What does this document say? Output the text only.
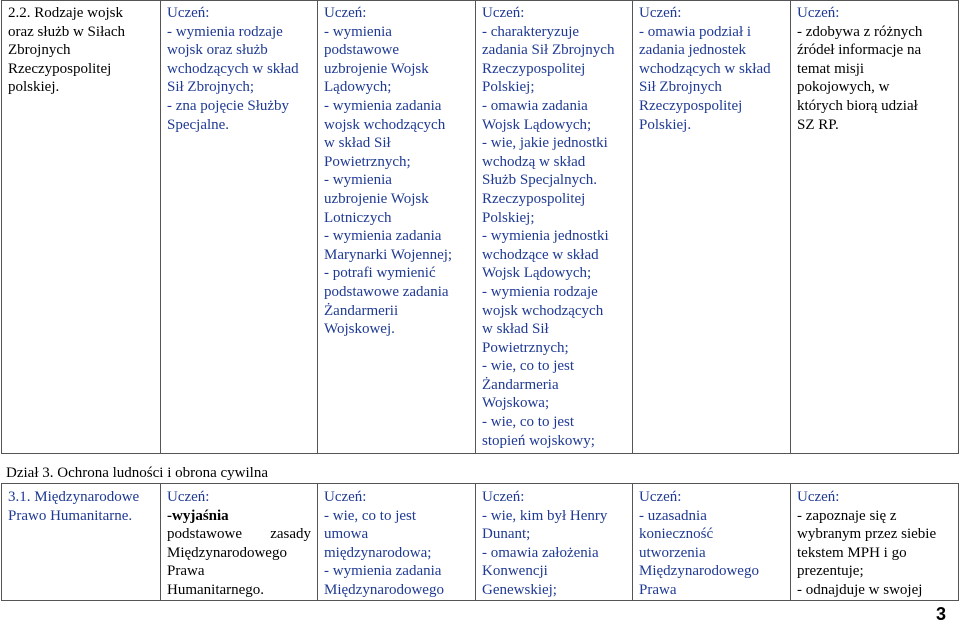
2.2. Rodzaje wojsk
oraz służb w Siłach
Zbrojnych
Rzeczypospolitej
polskiej.
Uczeń:
- wymienia rodzaje
wojsk oraz służb
wchodzących w skład
Sił Zbrojnych;
- zna pojęcie Służby
Specjalne.
Uczeń:
- wymienia
podstawowe
uzbrojenie Wojsk
Lądowych;
- wymienia zadania
wojsk wchodzących
w skład Sił
Powietrznych;
- wymienia
uzbrojenie Wojsk
Lotniczych
- wymienia zadania
Marynarki Wojennej;
- potrafi wymienić
podstawowe zadania
Żandarmerii
Wojskowej.
Uczeń:
- charakteryzuje
zadania Sił Zbrojnych
Rzeczypospolitej
Polskiej;
- omawia zadania
Wojsk Lądowych;
- wie, jakie jednostki
wchodzą w skład
Służb Specjalnych.
Rzeczypospolitej
Polskiej;
- wymienia jednostki
wchodzące w skład
Wojsk Lądowych;
- wymienia rodzaje
wojsk wchodzących
w skład Sił
Powietrznych;
- wie, co to jest
Żandarmeria
Wojskowa;
- wie, co to jest
stopień wojskowy;
Uczeń:
- omawia podział i
zadania jednostek
wchodzących w skład
Sił Zbrojnych
Rzeczypospolitej
Polskiej.
Uczeń:
- zdobywa z różnych
źródeł informacje na
temat misji
pokojowych, w
których biorą udział
SZ RP.
Dział 3. Ochrona ludności i obrona cywilna
3.1. Międzynarodowe
Prawo Humanitarne.
Uczeń:
-wyjaśnia
podstawowe zasady
Międzynarodowego
Prawa
Humanitarnego.
Uczeń:
- wie, co to jest
umowa
międzynarodowa;
- wymienia zadania
Międzynarodowego
Uczeń:
- wie, kim był Henry
Dunant;
- omawia założenia
Konwencji
Genewskiej;
Uczeń:
- uzasadnia
konieczność
utworzenia
Międzynarodowego
Prawa
Uczeń:
- zapoznaje się z
wybranym przez siebie
tekstem MPH i go
prezentuje;
- odnajduje w swojej
3
